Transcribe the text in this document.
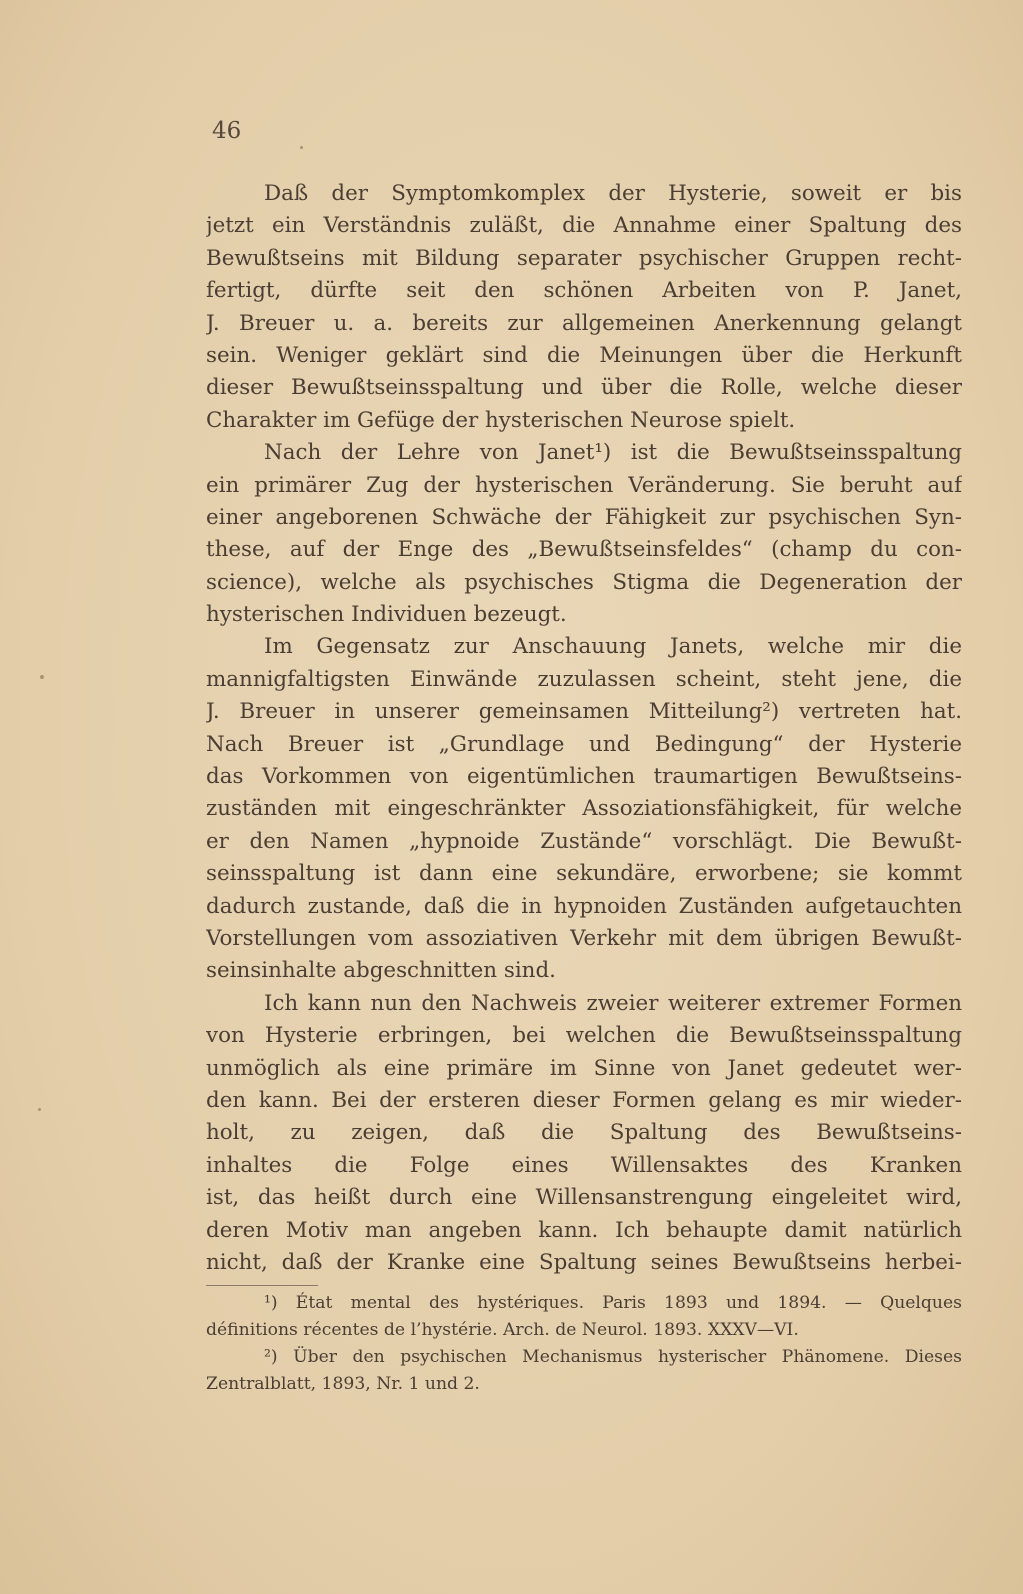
46
Daß der Symptomkomplex der Hysterie, soweit er bis
jetzt ein Verständnis zuläßt, die Annahme einer Spaltung des
Bewußtseins mit Bildung separater psychischer Gruppen recht-
fertigt, dürfte seit den schönen Arbeiten von P. Janet,
J. Breuer u. a. bereits zur allgemeinen Anerkennung gelangt
sein. Weniger geklärt sind die Meinungen über die Herkunft
dieser Bewußtseinsspaltung und über die Rolle, welche dieser
Charakter im Gefüge der hysterischen Neurose spielt.
Nach der Lehre von Janet¹) ist die Bewußtseinsspaltung
ein primärer Zug der hysterischen Veränderung. Sie beruht auf
einer angeborenen Schwäche der Fähigkeit zur psychischen Syn-
these, auf der Enge des „Bewußtseinsfeldes“ (champ du con-
science), welche als psychisches Stigma die Degeneration der
hysterischen Individuen bezeugt.
Im Gegensatz zur Anschauung Janets, welche mir die
mannigfaltigsten Einwände zuzulassen scheint, steht jene, die
J. Breuer in unserer gemeinsamen Mitteilung²) vertreten hat.
Nach Breuer ist „Grundlage und Bedingung“ der Hysterie
das Vorkommen von eigentümlichen traumartigen Bewußtseins-
zuständen mit eingeschränkter Assoziationsfähigkeit, für welche
er den Namen „hypnoide Zustände“ vorschlägt. Die Bewußt-
seinsspaltung ist dann eine sekundäre, erworbene; sie kommt
dadurch zustande, daß die in hypnoiden Zuständen aufgetauchten
Vorstellungen vom assoziativen Verkehr mit dem übrigen Bewußt-
seinsinhalte abgeschnitten sind.
Ich kann nun den Nachweis zweier weiterer extremer Formen
von Hysterie erbringen, bei welchen die Bewußtseinsspaltung
unmöglich als eine primäre im Sinne von Janet gedeutet wer-
den kann. Bei der ersteren dieser Formen gelang es mir wieder-
holt, zu zeigen, daß die Spaltung des Bewußtseins-
inhaltes die Folge eines Willensaktes des Kranken
ist, das heißt durch eine Willensanstrengung eingeleitet wird,
deren Motiv man angeben kann. Ich behaupte damit natürlich
nicht, daß der Kranke eine Spaltung seines Bewußtseins herbei-
¹) État mental des hystériques. Paris 1893 und 1894. — Quelques
définitions récentes de l’hystérie. Arch. de Neurol. 1893. XXXV—VI.
²) Über den psychischen Mechanismus hysterischer Phänomene. Dieses
Zentralblatt, 1893, Nr. 1 und 2.
